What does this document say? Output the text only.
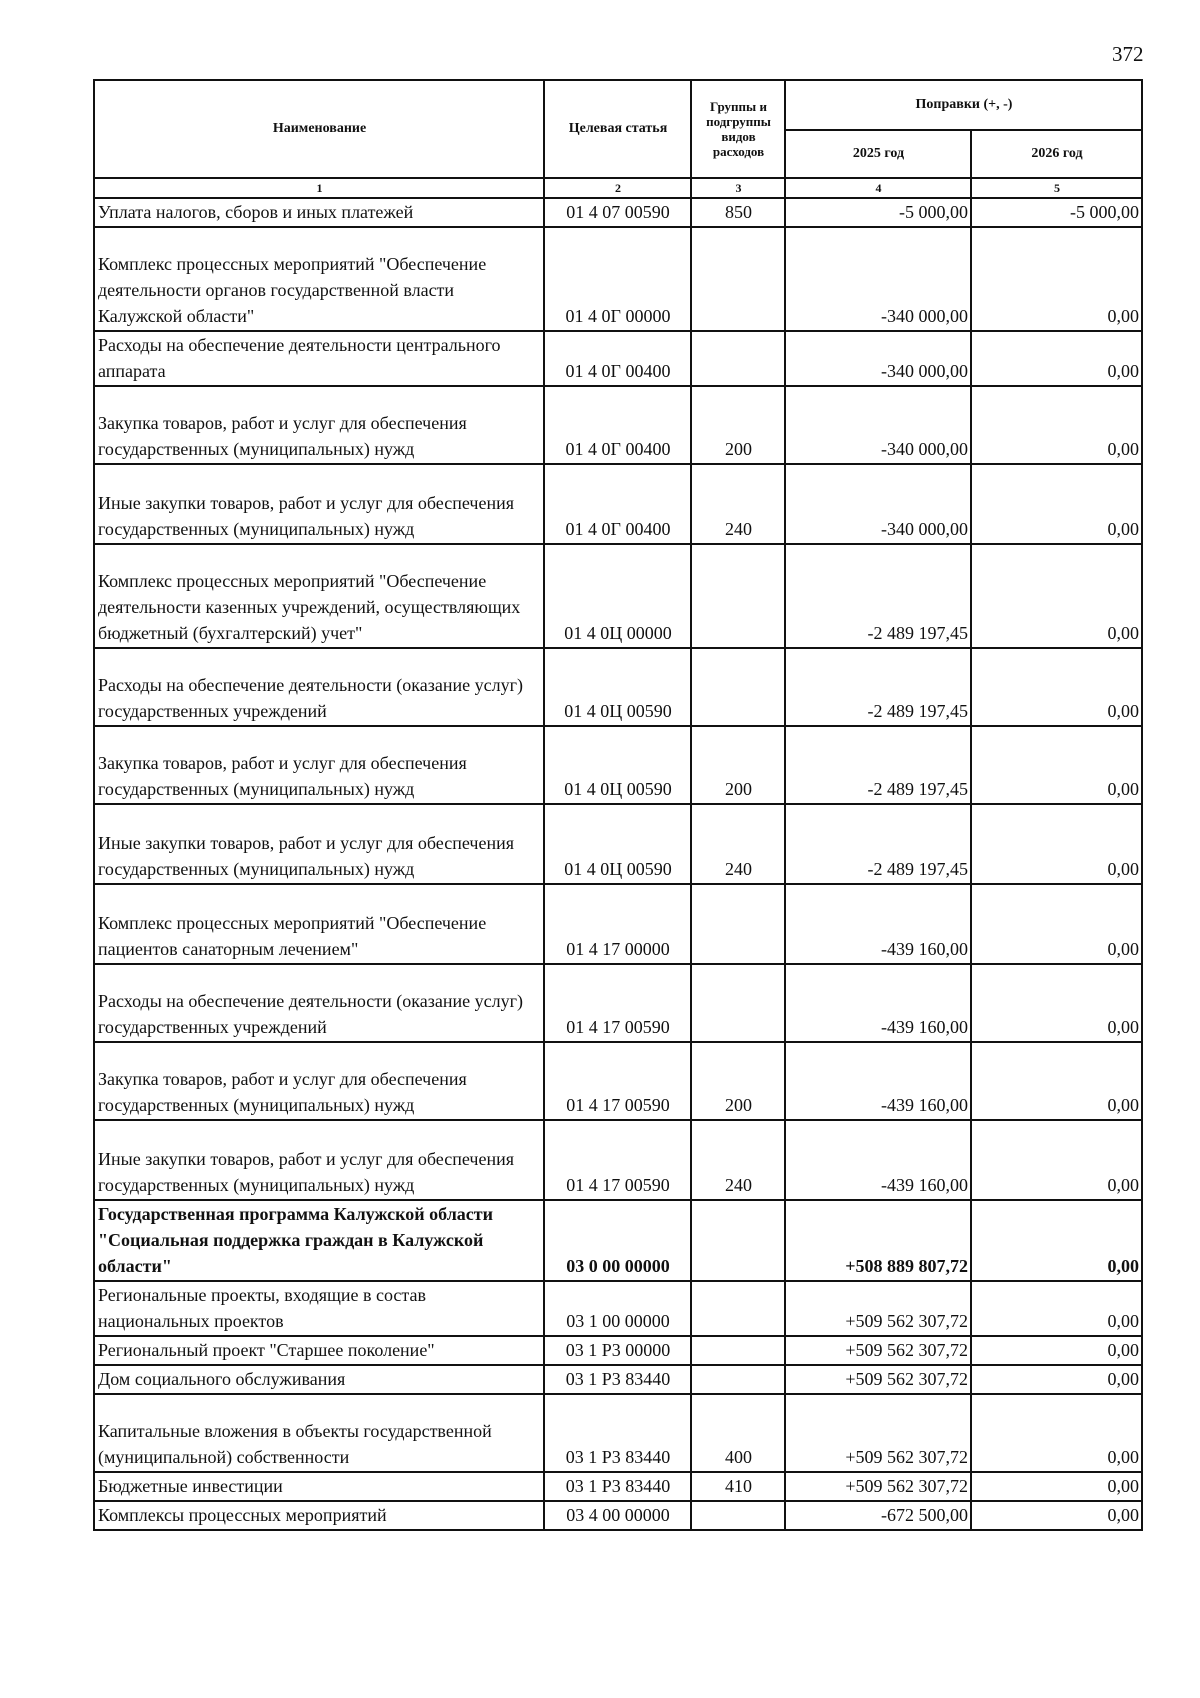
372
Наименование	Целевая статья	Группы и подгруппы видов расходов	Поправки (+, -)	
			2025 год	2026 год
1	2	3	4	5
Уплата налогов, сборов и иных платежей	01 4 07 00590	850	-5 000,00	-5 000,00
Комплекс процессных мероприятий "Обеспечение деятельности органов государственной власти Калужской области"	01 4 0Г 00000		-340 000,00	0,00
Расходы на обеспечение деятельности центрального аппарата	01 4 0Г 00400		-340 000,00	0,00
Закупка товаров, работ и услуг для обеспечения государственных (муниципальных) нужд	01 4 0Г 00400	200	-340 000,00	0,00
Иные закупки товаров, работ и услуг для обеспечения государственных (муниципальных) нужд	01 4 0Г 00400	240	-340 000,00	0,00
Комплекс процессных мероприятий "Обеспечение деятельности казенных учреждений, осуществляющих бюджетный (бухгалтерский) учет"	01 4 0Ц 00000		-2 489 197,45	0,00
Расходы на обеспечение деятельности (оказание услуг) государственных учреждений	01 4 0Ц 00590		-2 489 197,45	0,00
Закупка товаров, работ и услуг для обеспечения государственных (муниципальных) нужд	01 4 0Ц 00590	200	-2 489 197,45	0,00
Иные закупки товаров, работ и услуг для обеспечения государственных (муниципальных) нужд	01 4 0Ц 00590	240	-2 489 197,45	0,00
Комплекс процессных мероприятий "Обеспечение пациентов санаторным лечением"	01 4 17 00000		-439 160,00	0,00
Расходы на обеспечение деятельности (оказание услуг) государственных учреждений	01 4 17 00590		-439 160,00	0,00
Закупка товаров, работ и услуг для обеспечения государственных (муниципальных) нужд	01 4 17 00590	200	-439 160,00	0,00
Иные закупки товаров, работ и услуг для обеспечения государственных (муниципальных) нужд	01 4 17 00590	240	-439 160,00	0,00
Государственная программа Калужской области "Социальная поддержка граждан в Калужской области"	03 0 00 00000		+508 889 807,72	0,00
Региональные проекты, входящие в состав национальных проектов	03 1 00 00000		+509 562 307,72	0,00
Региональный проект "Старшее поколение"	03 1 Р3 00000		+509 562 307,72	0,00
Дом социального обслуживания	03 1 Р3 83440		+509 562 307,72	0,00
Капитальные вложения в объекты государственной (муниципальной) собственности	03 1 Р3 83440	400	+509 562 307,72	0,00
Бюджетные инвестиции	03 1 Р3 83440	410	+509 562 307,72	0,00
Комплексы процессных мероприятий	03 4 00 00000		-672 500,00	0,00
